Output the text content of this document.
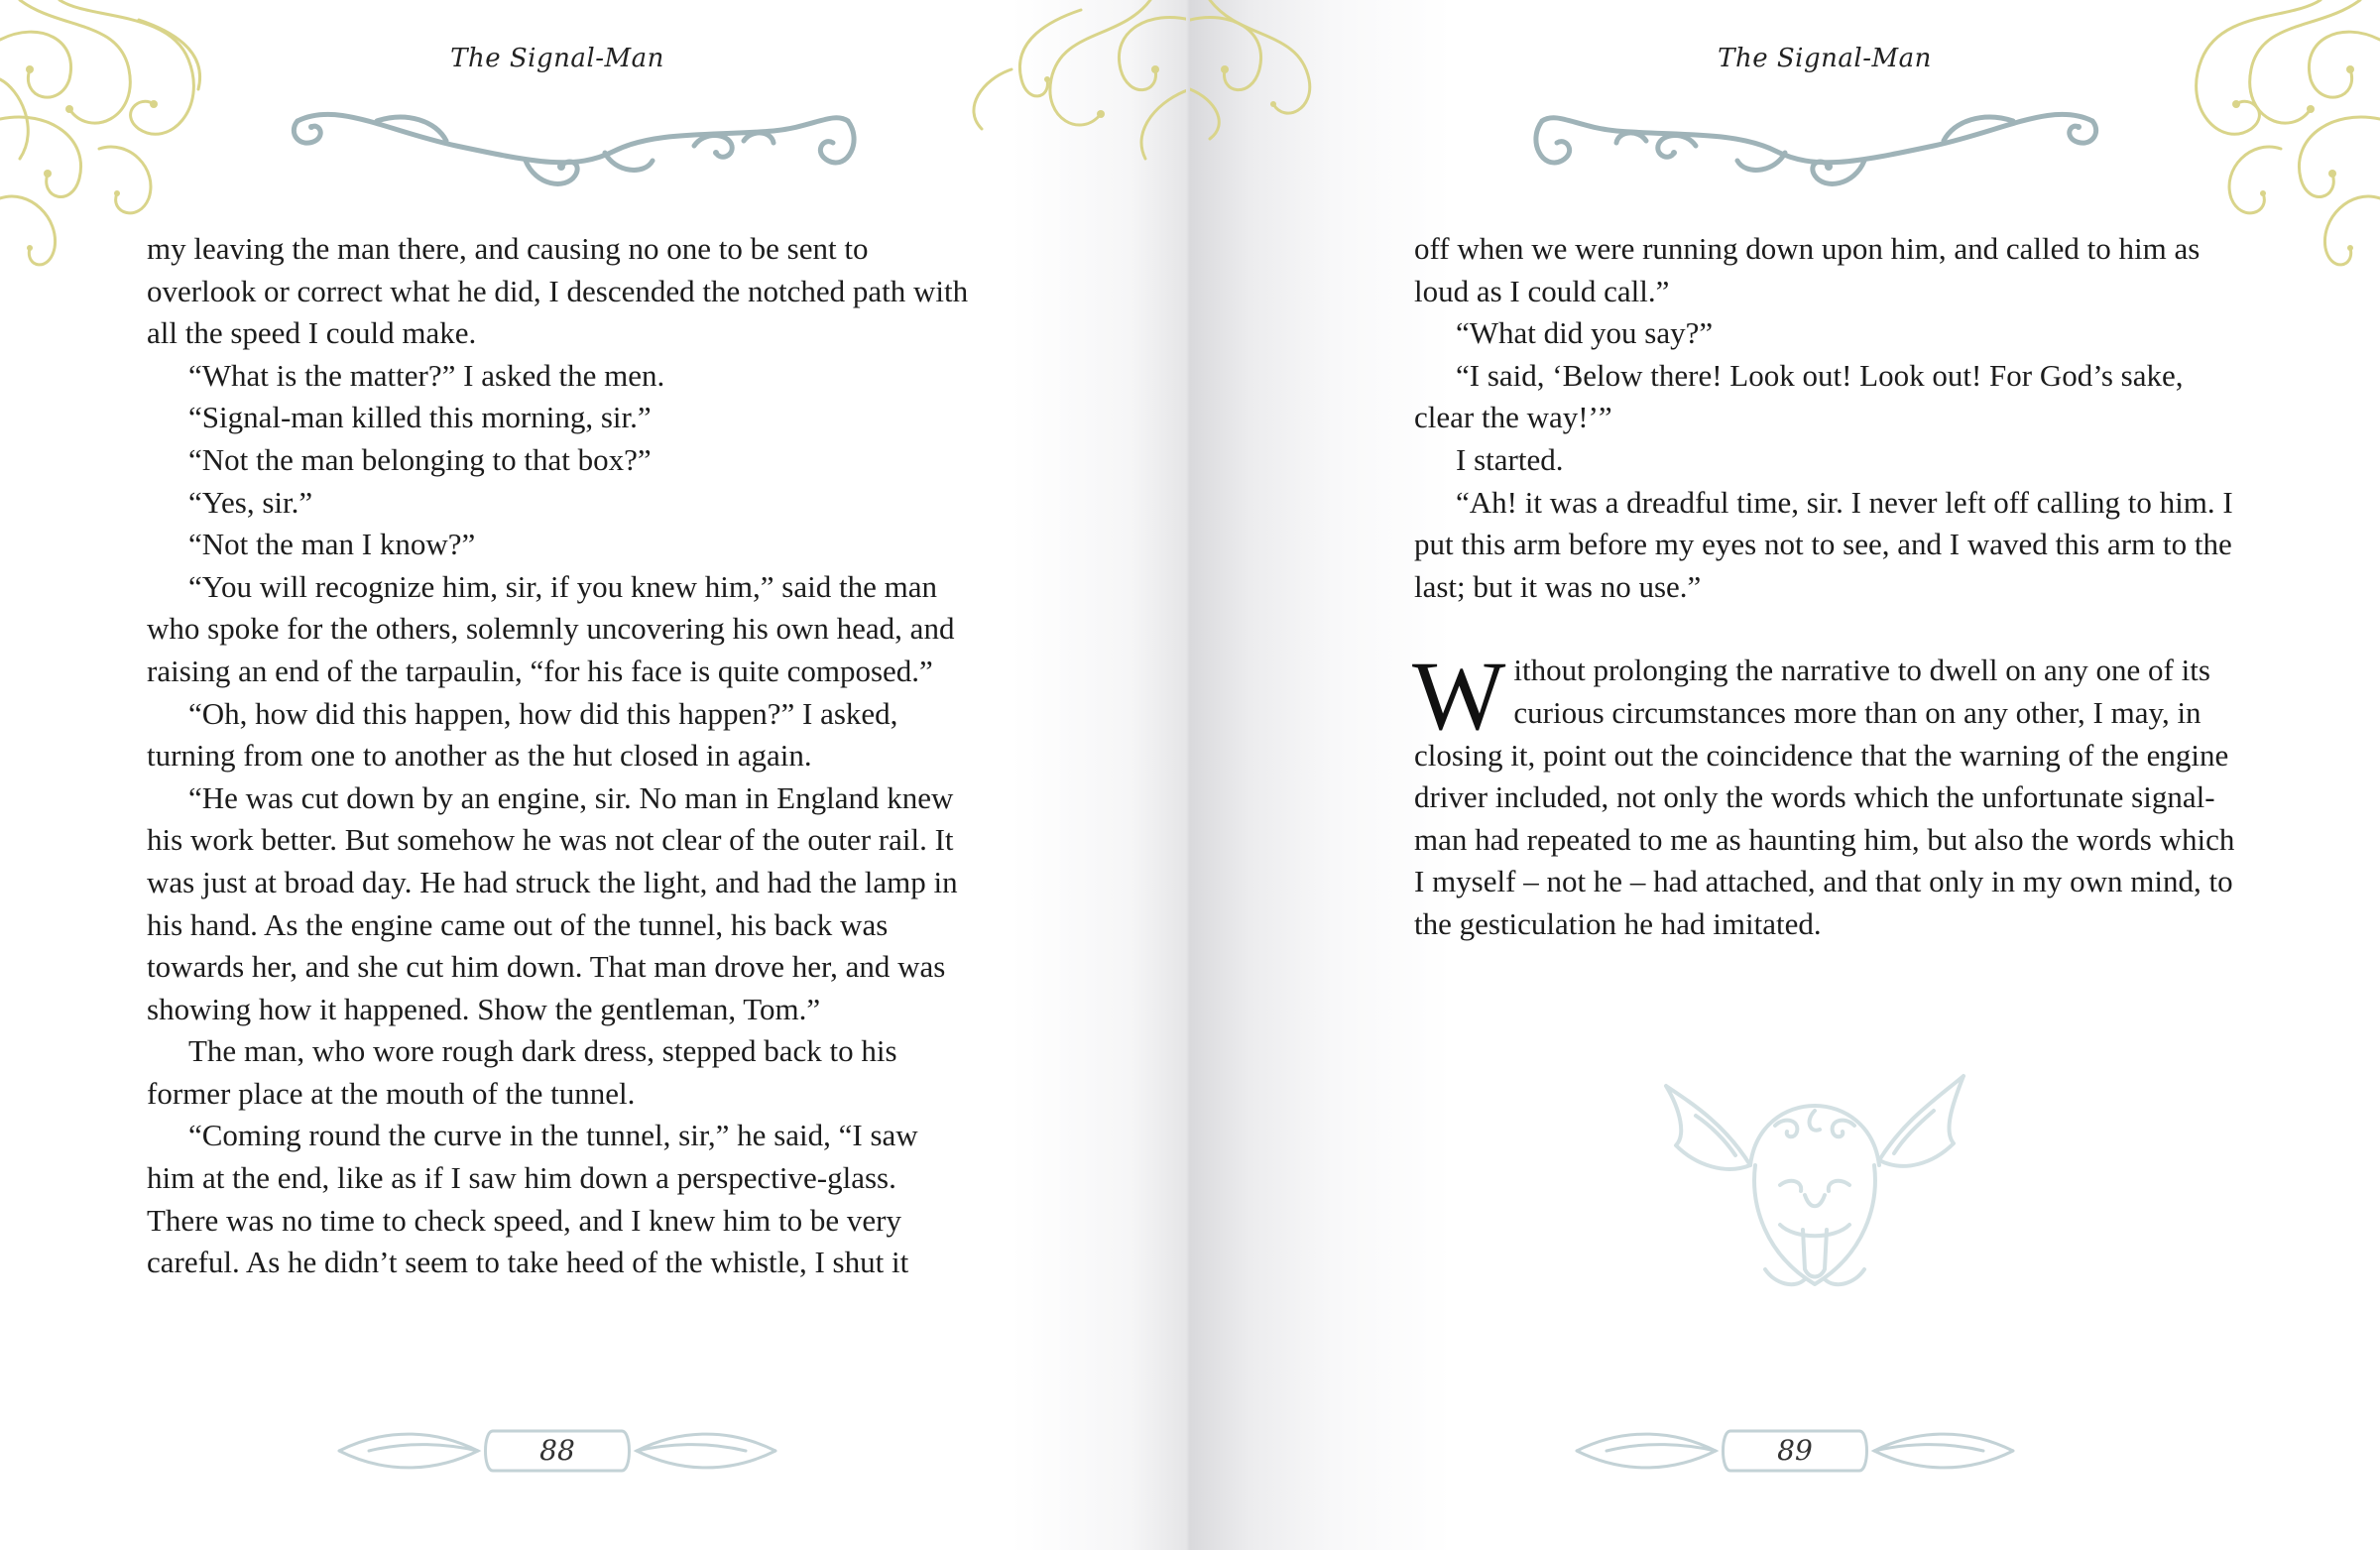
The Signal-Man

my leaving the man there, and causing no one to be sent to overlook or correct what he did, I descended the notched path with all the speed I could make.

“What is the matter?” I asked the men.

“Signal-man killed this morning, sir.”

“Not the man belonging to that box?”

“Yes, sir.”

“Not the man I know?”

“You will recognize him, sir, if you knew him,” said the man who spoke for the others, solemnly uncovering his own head, and raising an end of the tarpaulin, “for his face is quite composed.”

“Oh, how did this happen, how did this happen?” I asked, turning from one to another as the hut closed in again.

“He was cut down by an engine, sir. No man in England knew his work better. But somehow he was not clear of the outer rail. It was just at broad day. He had struck the light, and had the lamp in his hand. As the engine came out of the tunnel, his back was towards her, and she cut him down. That man drove her, and was showing how it happened. Show the gentleman, Tom.”

The man, who wore rough dark dress, stepped back to his former place at the mouth of the tunnel.

“Coming round the curve in the tunnel, sir,” he said, “I saw him at the end, like as if I saw him down a perspective-glass. There was no time to check speed, and I knew him to be very careful. As he didn’t seem to take heed of the whistle, I shut it

88
The Signal-Man

off when we were running down upon him, and called to him as loud as I could call.”

“What did you say?”

“I said, ‘Below there! Look out! Look out! For God’s sake, clear the way!’”

I started.

“Ah! it was a dreadful time, sir. I never left off calling to him. I put this arm before my eyes not to see, and I waved this arm to the last; but it was no use.”

Without prolonging the narrative to dwell on any one of its curious circumstances more than on any other, I may, in closing it, point out the coincidence that the warning of the engine driver included, not only the words which the unfortunate signal-man had repeated to me as haunting him, but also the words which I myself – not he – had attached, and that only in my own mind, to the gesticulation he had imitated.

89
